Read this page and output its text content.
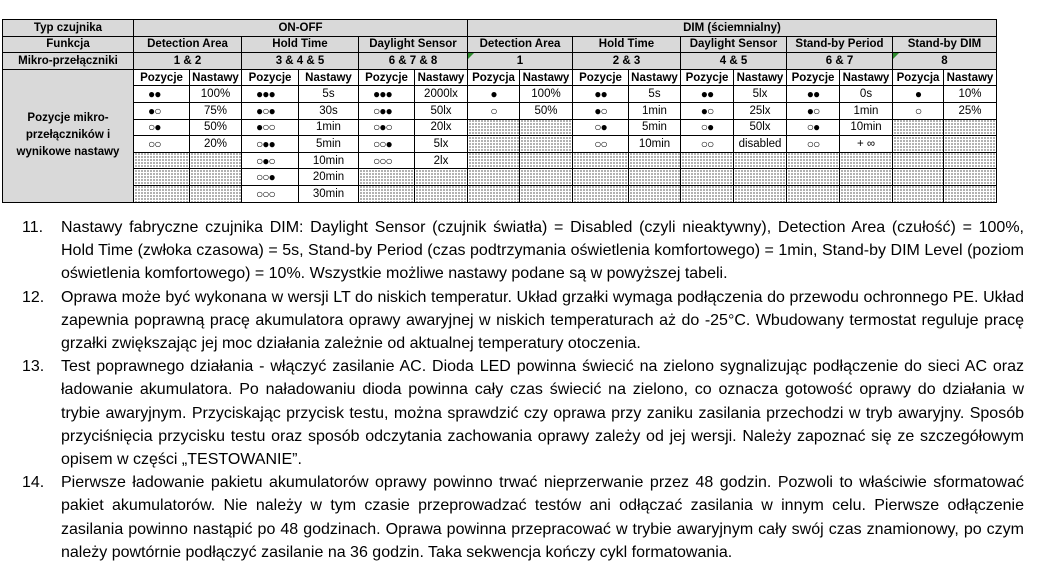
Typ czujnika	ON-OFF						DIM (ściemnialny)									
Funkcja	Detection Area		Hold Time		Daylight Sensor		Detection Area		Hold Time		Daylight Sensor		Stand-by Period		Stand-by DIM	
Mikro-przełączniki	1 & 2		3 & 4 & 5		6 & 7 & 8		1		2 & 3		4 & 5		6 & 7		8	
Pozycje mikro-przełączników i wynikowe nastawy	Pozycje	Nastawy	Pozycje	Nastawy	Pozycje	Nastawy	Pozycja	Nastawy	Pozycje	Nastawy	Pozycje	Nastawy	Pozycje	Nastawy	Pozycja	Nastawy
	●●	100%	●●●	5s	●●●	2000lx	●	100%	●●	5s	●●	5lx	●●	0s	●	10%
	●○	75%	●○●	30s	○●●	50lx	○	50%	●○	1min	●○	25lx	●○	1min	○	25%
	○●	50%	●○○	1min	○●○	20lx			○●	5min	○●	50lx	○●	10min		
	○○	20%	○●●	5min	○○●	5lx			○○	10min	○○	disabled	○○	+ ∞		
			○●○	10min	○○○	2lx										
			○○●	20min												
			○○○	30min												
11. Nastawy fabryczne czujnika DIM: Daylight Sensor (czujnik światła) = Disabled (czyli nieaktywny), Detection Area (czułość) = 100%, Hold Time (zwłoka czasowa) = 5s, Stand-by Period (czas podtrzymania oświetlenia komfortowego) = 1min, Stand-by DIM Level (poziom oświetlenia komfortowego) = 10%. Wszystkie możliwe nastawy podane są w powyższej tabeli.
12. Oprawa może być wykonana w wersji LT do niskich temperatur. Układ grzałki wymaga podłączenia do przewodu ochronnego PE. Układ zapewnia poprawną pracę akumulatora oprawy awaryjnej w niskich temperaturach aż do -25°C. Wbudowany termostat reguluje pracę grzałki zwiększając jej moc działania zależnie od aktualnej temperatury otoczenia.
13. Test poprawnego działania - włączyć zasilanie AC. Dioda LED powinna świecić na zielono sygnalizując podłączenie do sieci AC oraz ładowanie akumulatora. Po naładowaniu dioda powinna cały czas świecić na zielono, co oznacza gotowość oprawy do działania w trybie awaryjnym. Przyciskając przycisk testu, można sprawdzić czy oprawa przy zaniku zasilania przechodzi w tryb awaryjny. Sposób przyciśnięcia przycisku testu oraz sposób odczytania zachowania oprawy zależy od jej wersji. Należy zapoznać się ze szczegółowym opisem w części „TESTOWANIE”.
14. Pierwsze ładowanie pakietu akumulatorów oprawy powinno trwać nieprzerwanie przez 48 godzin. Pozwoli to właściwie sformatować pakiet akumulatorów. Nie należy w tym czasie przeprowadzać testów ani odłączać zasilania w innym celu. Pierwsze odłączenie zasilania powinno nastąpić po 48 godzinach. Oprawa powinna przepracować w trybie awaryjnym cały swój czas znamionowy, po czym należy powtórnie podłączyć zasilanie na 36 godzin. Taka sekwencja kończy cykl formatowania.
